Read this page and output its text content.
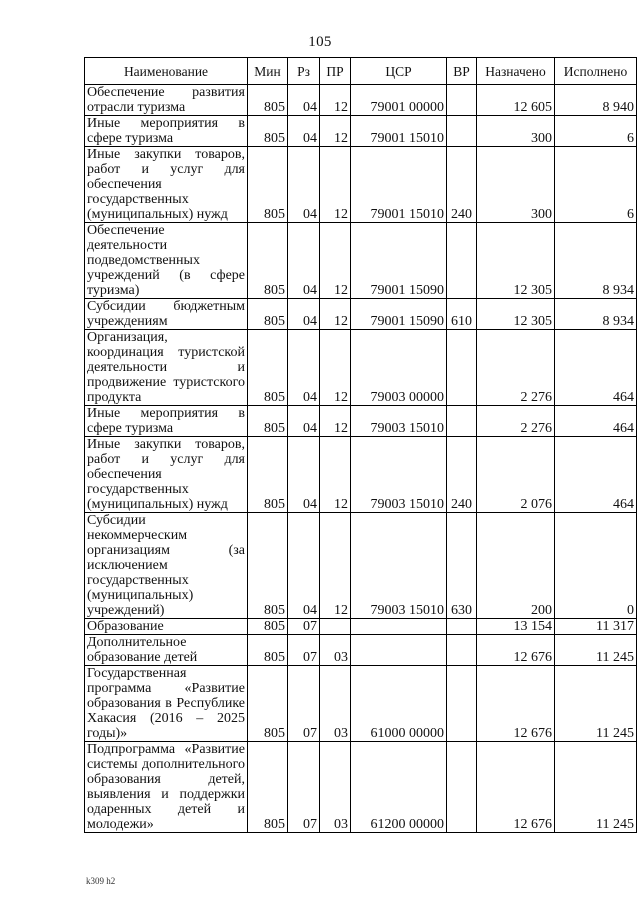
105
Наименование	Мин	Рз	ПР	ЦСР	ВР	Назначено	Исполнено
Обеспечение развития отрасли туризма	805	04	12	79001 00000		12 605	8 940
Иные мероприятия в сфере туризма	805	04	12	79001 15010		300	6
Иные закупки товаров, работ и услуг для обеспечения государственных (муниципальных) нужд	805	04	12	79001 15010	240	300	6
Обеспечение деятельности подведомственных учреждений (в сфере туризма)	805	04	12	79001 15090		12 305	8 934
Субсидии бюджетным учреждениям	805	04	12	79001 15090	610	12 305	8 934
Организация, координация туристской деятельности и продвижение туристского продукта	805	04	12	79003 00000		2 276	464
Иные мероприятия в сфере туризма	805	04	12	79003 15010		2 276	464
Иные закупки товаров, работ и услуг для обеспечения государственных (муниципальных) нужд	805	04	12	79003 15010	240	2 076	464
Субсидии некоммерческим организациям (за исключением государственных (муниципальных) учреждений)	805	04	12	79003 15010	630	200	0
Образование	805	07				13 154	11 317
Дополнительное образование детей	805	07	03			12 676	11 245
Государственная программа «Развитие образования в Республике Хакасия (2016 – 2025 годы)»	805	07	03	61000 00000		12 676	11 245
Подпрограмма «Развитие системы дополнительного образования детей, выявления и поддержки одаренных детей и молодежи»	805	07	03	61200 00000		12 676	11 245
k309 h2
